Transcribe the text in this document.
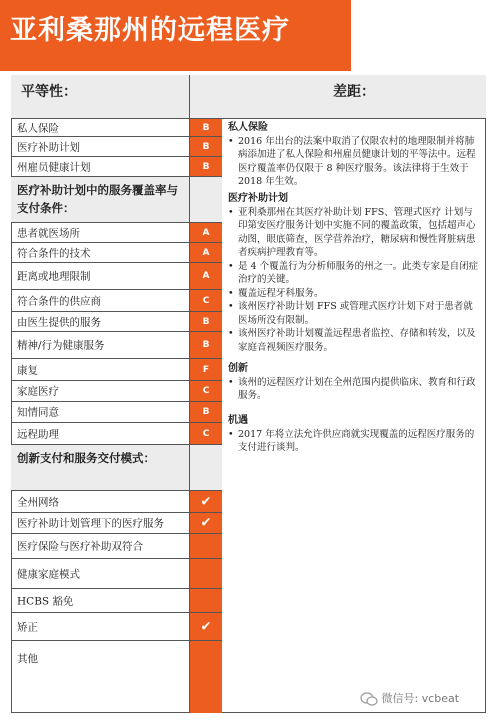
亚利桑那州的远程医疗
平等性：	差距：
私人保险	B
医疗补助计划	B
州雇员健康计划	B
医疗补助计划中的服务覆盖率与支付条件：
患者就医场所	A
符合条件的技术	A
距离或地理限制	A
符合条件的供应商	C
由医生提供的服务	B
精神/行为健康服务	B
康复	F
家庭医疗	C
知情同意	B
远程助理	C
创新支付和服务交付模式：
全州网络	✔
医疗补助计划管理下的医疗服务	✔
医疗保险与医疗补助双符合
健康家庭模式
HCBS 豁免
矫正	✔
其他
私人保险
• 2016 年出台的法案中取消了仅限农村的地理限制并将肺病添加进了私人保险和州雇员健康计划的平等法中。远程医疗覆盖率仍仅限于 8 种医疗服务。该法律将于生效于 2018 年生效。
医疗补助计划
• 亚利桑那州在其医疗补助计划 FFS、管理式医疗 计划与印第安医疗服务计划中实施不同的覆盖政策，包括超声心动图，眼底筛查，医学营养治疗，糖尿病和慢性肾脏病患者疾病护理教育等。
• 是 4 个覆盖行为分析师服务的州之一。此类专家是自闭症治疗的关键。
• 覆盖远程牙科服务。
• 该州医疗补助计划 FFS 或管理式医疗计划下对于患者就医场所没有限制。
• 该州医疗补助计划覆盖远程患者监控、存储和转发，以及家庭音视频医疗服务。
创新
• 该州的远程医疗计划在全州范围内提供临床、教育和行政服务。
机遇
• 2017 年将立法允许供应商就实现覆盖的远程医疗服务的支付进行谈判。
微信号: vcbeat
